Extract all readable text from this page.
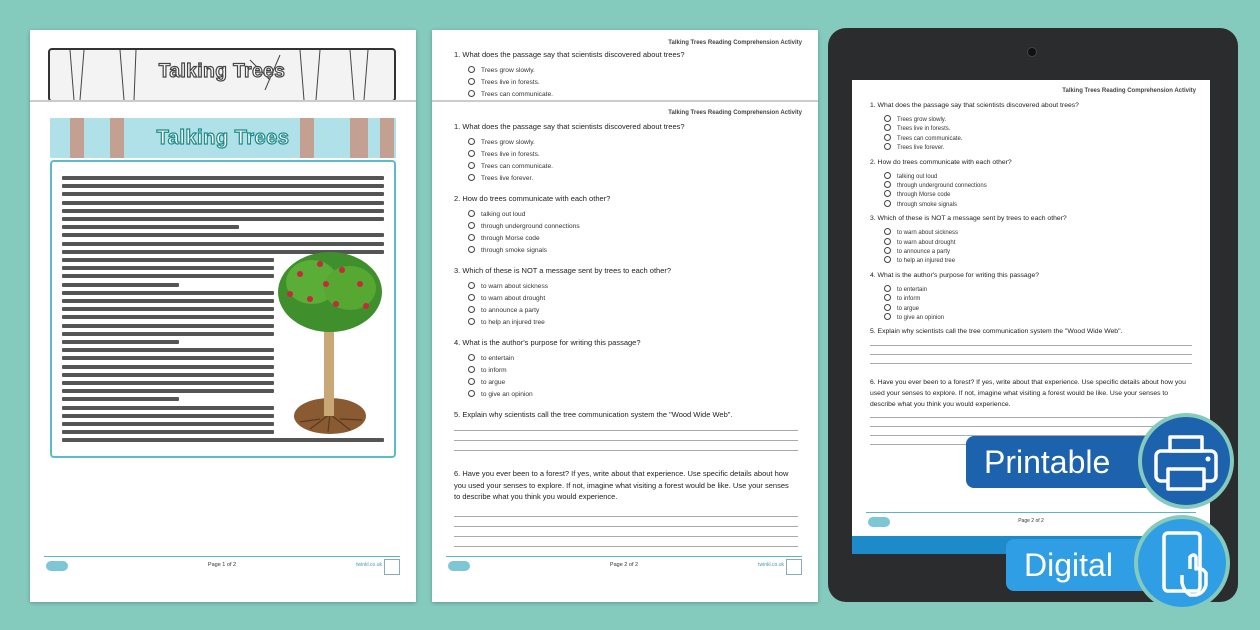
Talking Trees
Talking Trees
Page 1 of 2	twinkl.co.uk
Talking Trees Reading Comprehension Activity
1. What does the passage say that scientists discovered about trees?
Trees grow slowly.
Trees live in forests.
Trees can communicate.
Talking Trees Reading Comprehension Activity
1. What does the passage say that scientists discovered about trees?
Trees grow slowly.
Trees live in forests.
Trees can communicate.
Trees live forever.
2. How do trees communicate with each other?
talking out loud
through underground connections
through Morse code
through smoke signals
3. Which of these is NOT a message sent by trees to each other?
to warn about sickness
to warn about drought
to announce a party
to help an injured tree
4. What is the author's purpose for writing this passage?
to entertain
to inform
to argue
to give an opinion
5. Explain why scientists call the tree communication system the "Wood Wide Web".
6. Have you ever been to a forest? If yes, write about that experience. Use specific details about how you used your senses to explore. If not, imagine what visiting a forest would be like. Use your senses to describe what you think you would experience.
Page 2 of 2	twinkl.co.uk
Talking Trees Reading Comprehension Activity
1. What does the passage say that scientists discovered about trees?
Trees grow slowly.
Trees live in forests.
Trees can communicate.
Trees live forever.
2. How do trees communicate with each other?
talking out loud
through underground connections
through Morse code
through smoke signals
3. Which of these is NOT a message sent by trees to each other?
to warn about sickness
to warn about drought
to announce a party
to help an injured tree
4. What is the author's purpose for writing this passage?
to entertain
to inform
to argue
to give an opinion
5. Explain why scientists call the tree communication system the "Wood Wide Web".
6. Have you ever been to a forest? If yes, write about that experience. Use specific details about how you used your senses to explore. If not, imagine what visiting a forest would be like. Use your senses to describe what you think you would experience.
Page 2 of 2
Printable
Digital
